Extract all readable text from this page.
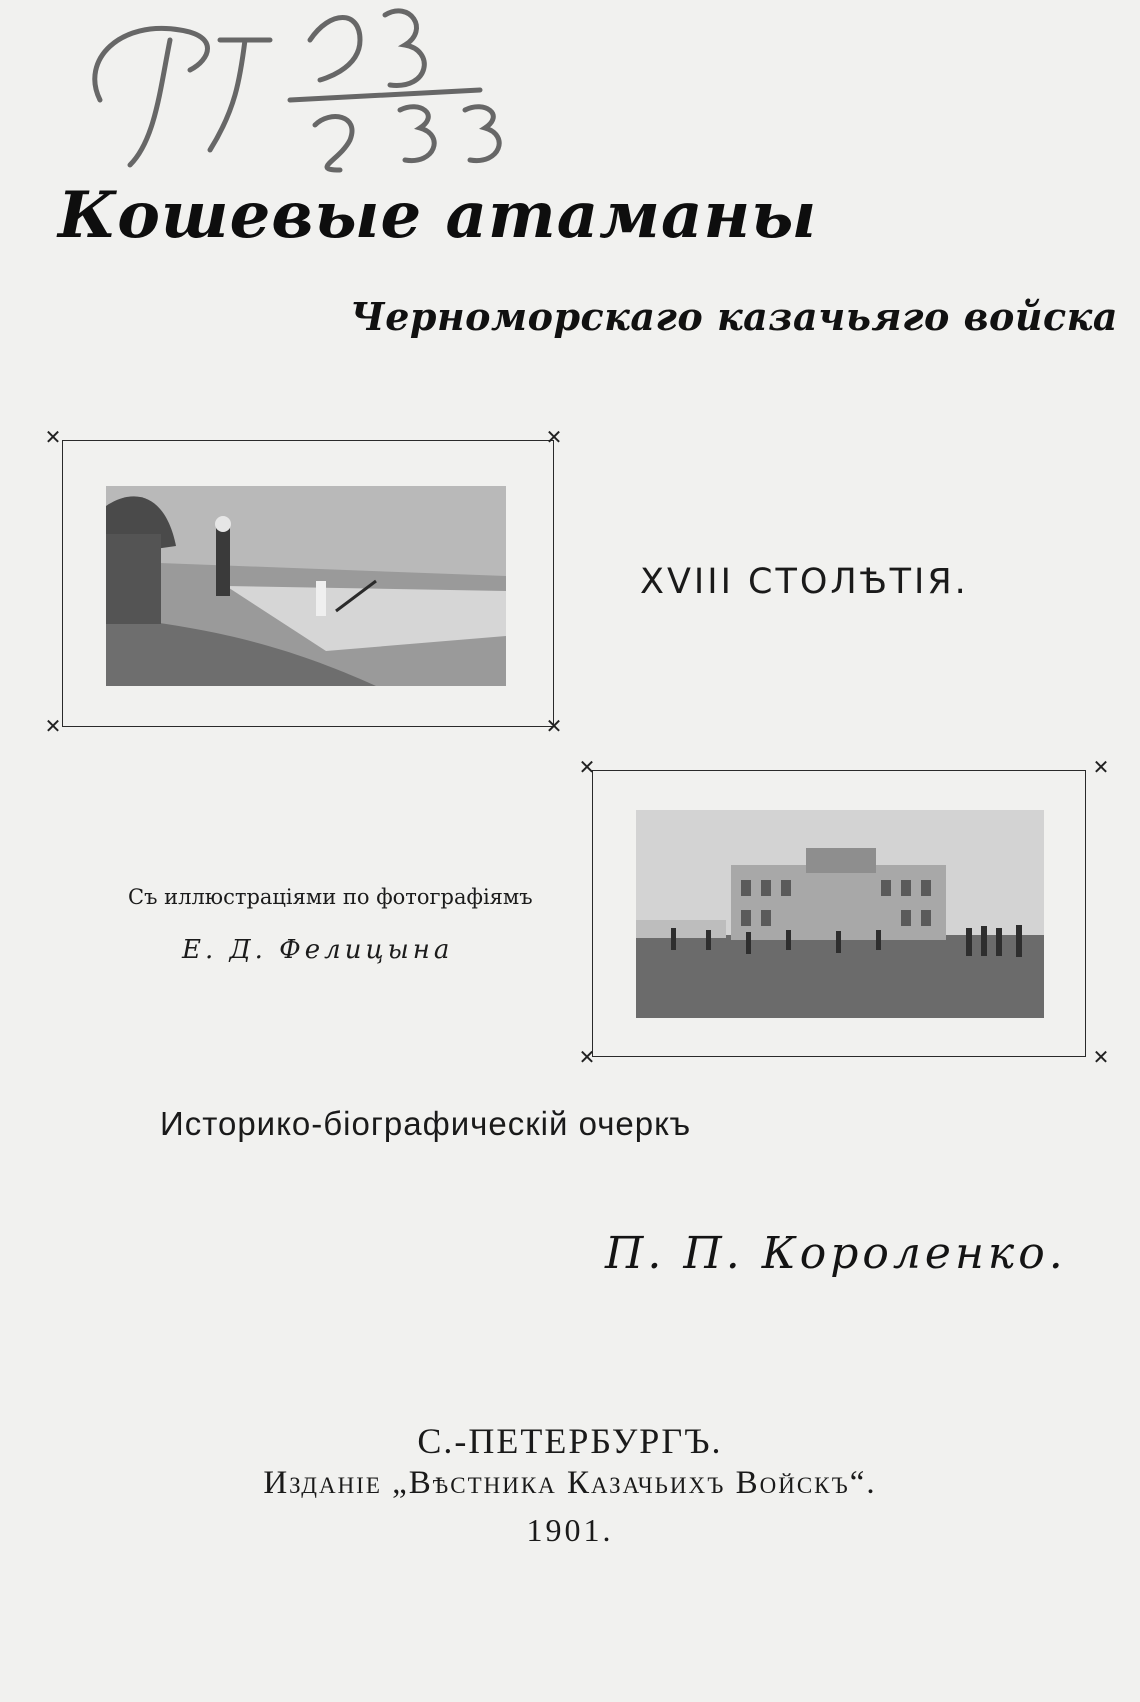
Кошевые атаманы
Черноморскаго казачьяго войска
✕	✕
✕	✕
XVIII СТОЛѢТІЯ.
✕	✕
✕	✕
Съ иллюстраціями по фотографіямъ
Е. Д. Фелицына
Историко-біографическій очеркъ
П. П. Короленко.
С.-ПЕТЕРБУРГЪ.
Изданіе „Вѣстника Казачьихъ Войскъ“.
1901.
